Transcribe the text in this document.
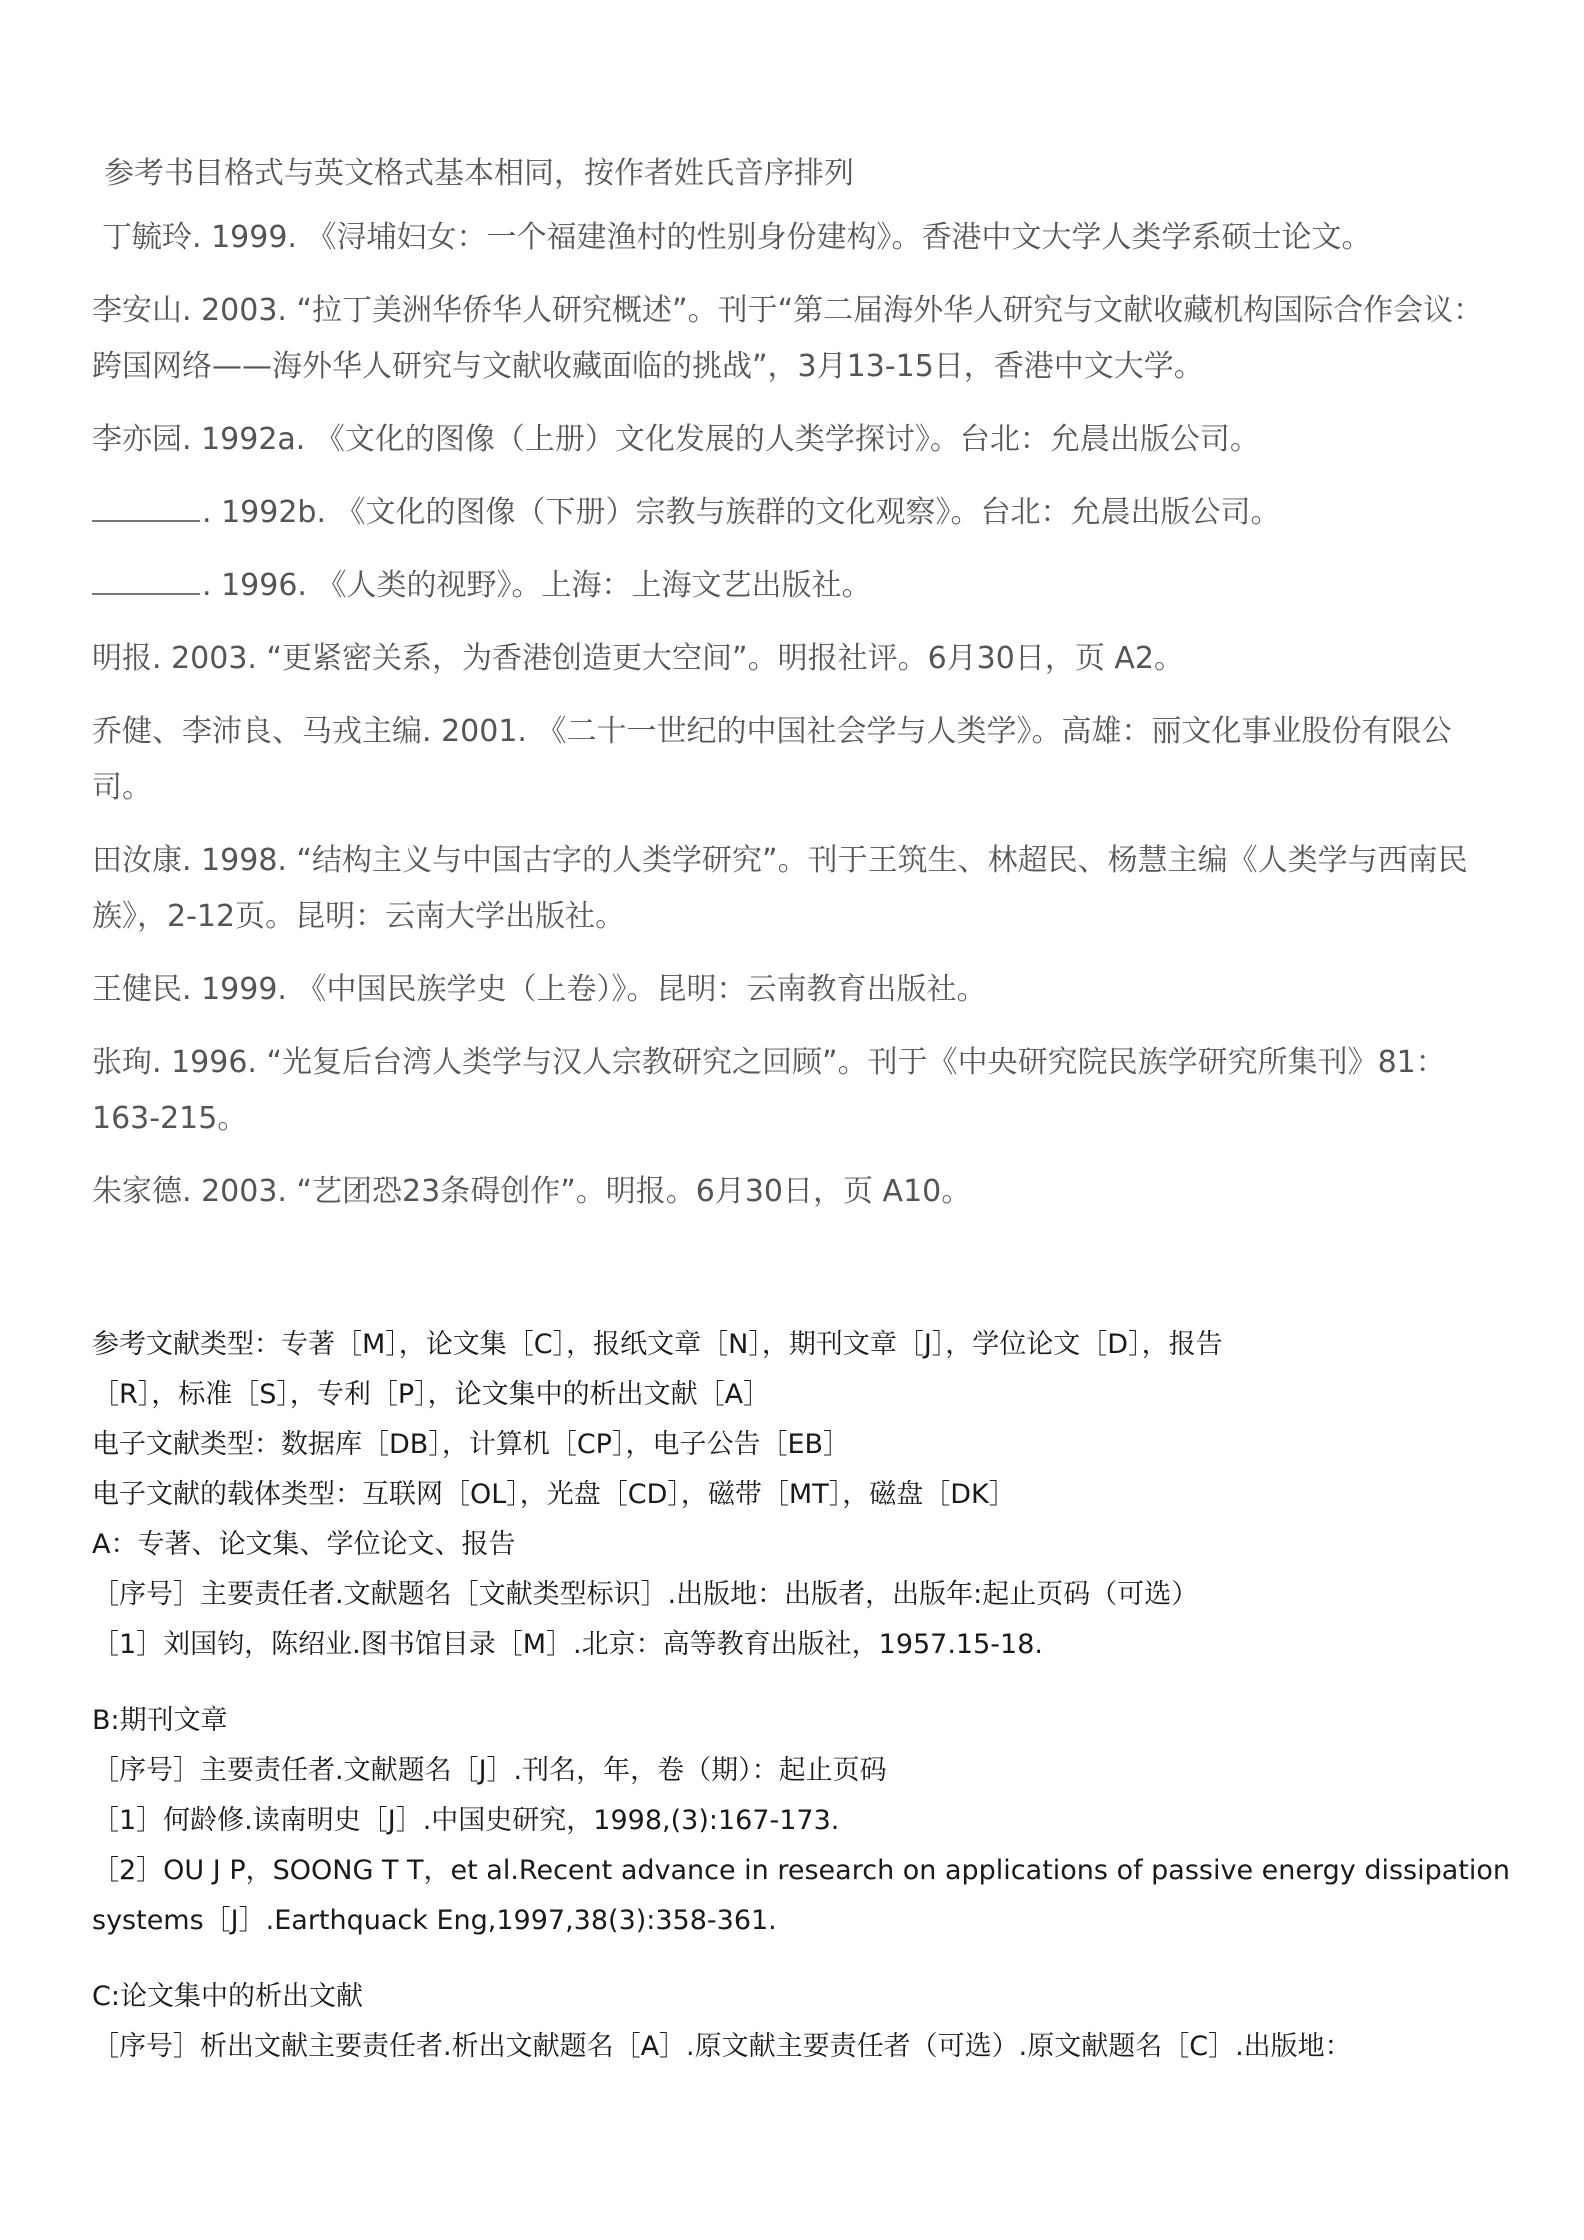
参考书目格式与英文格式基本相同，按作者姓氏音序排列

丁毓玲. 1999. 《浔埔妇女：一个福建渔村的性别身份建构》。香港中文大学人类学系硕士论文。

李安山. 2003. “拉丁美洲华侨华人研究概述”。刊于“第二届海外华人研究与文献收藏机构国际合作会议：跨国网络——海外华人研究与文献收藏面临的挑战”，3月13-15日，香港中文大学。

李亦园. 1992a. 《文化的图像（上册）文化发展的人类学探讨》。台北：允晨出版公司。

. 1992b. 《文化的图像（下册）宗教与族群的文化观察》。台北：允晨出版公司。

. 1996. 《人类的视野》。上海：上海文艺出版社。

明报. 2003. “更紧密关系，为香港创造更大空间”。明报社评。6月30日，页 A2。

乔健、李沛良、马戎主编. 2001. 《二十一世纪的中国社会学与人类学》。高雄：丽文化事业股份有限公司。

田汝康. 1998. “结构主义与中国古字的人类学研究”。刊于王筑生、林超民、杨慧主编《人类学与西南民族》，2-12页。昆明：云南大学出版社。

王健民. 1999. 《中国民族学史（上卷）》。昆明：云南教育出版社。

张珣. 1996. “光复后台湾人类学与汉人宗教研究之回顾”。刊于《中央研究院民族学研究所集刊》81：163-215。

朱家德. 2003. “艺团恐23条碍创作”。明报。6月30日，页 A10。

参考文献类型：专著［M］，论文集［C］，报纸文章［N］，期刊文章［J］，学位论文［D］，报告

［R］，标准［S］，专利［P］，论文集中的析出文献［A］

电子文献类型：数据库［DB］，计算机［CP］，电子公告［EB］

电子文献的载体类型：互联网［OL］，光盘［CD］，磁带［MT］，磁盘［DK］

A：专著、论文集、学位论文、报告

［序号］主要责任者.文献题名［文献类型标识］.出版地：出版者，出版年:起止页码（可选）

［1］刘国钧，陈绍业.图书馆目录［M］.北京：高等教育出版社，1957.15-18.

B:期刊文章

［序号］主要责任者.文献题名［J］.刊名，年，卷（期）：起止页码

［1］何龄修.读南明史［J］.中国史研究，1998,(3):167-173.

［2］OU J P，SOONG T T，et al.Recent advance in research on applications of passive energy dissipation

systems［J］.Earthquack Eng,1997,38(3):358-361.

C:论文集中的析出文献

［序号］析出文献主要责任者.析出文献题名［A］.原文献主要责任者（可选）.原文献题名［C］.出版地：
